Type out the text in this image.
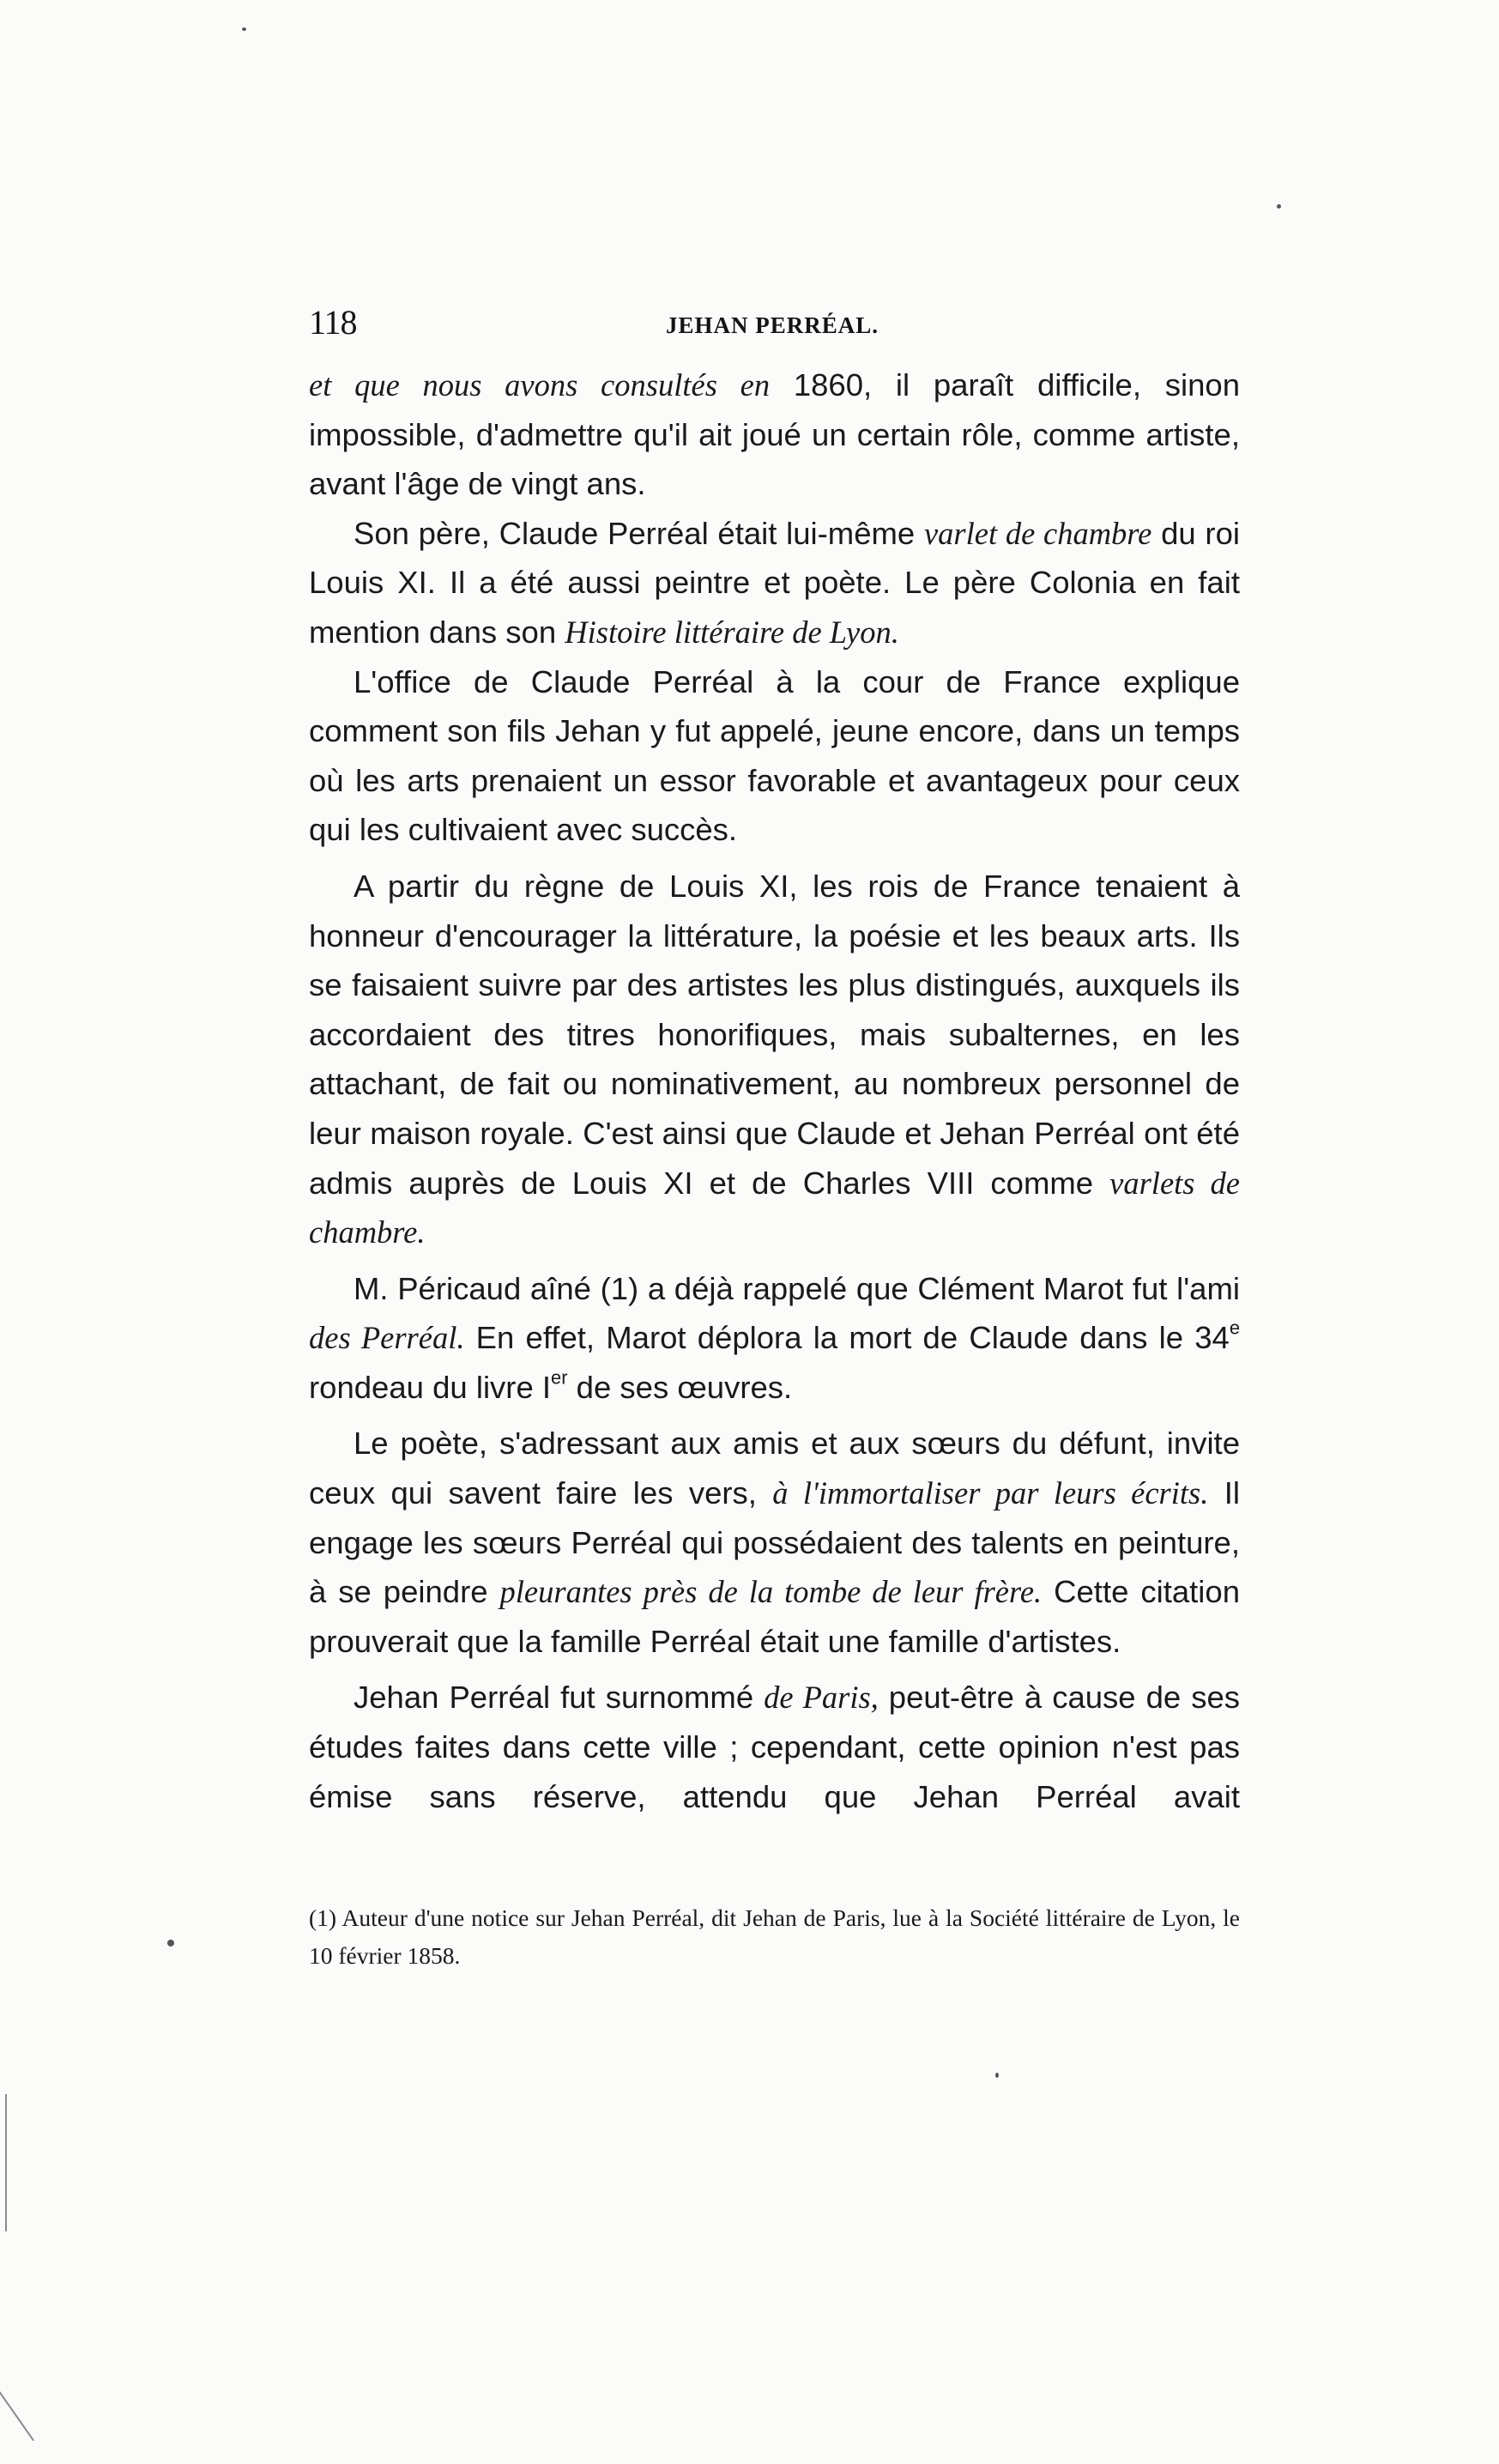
118	JEHAN PERRÉAL.

et que nous avons consultés en 1860, il paraît difficile, sinon impossible, d'admettre qu'il ait joué un certain rôle, comme artiste, avant l'âge de vingt ans.

Son père, Claude Perréal était lui-même varlet de chambre du roi Louis XI. Il a été aussi peintre et poète. Le père Colonia en fait mention dans son Histoire littéraire de Lyon.

L'office de Claude Perréal à la cour de France explique comment son fils Jehan y fut appelé, jeune encore, dans un temps où les arts prenaient un essor favorable et avantageux pour ceux qui les cultivaient avec succès.

A partir du règne de Louis XI, les rois de France tenaient à honneur d'encourager la littérature, la poésie et les beaux arts. Ils se faisaient suivre par des artistes les plus distingués, auxquels ils accordaient des titres honorifiques, mais subalternes, en les attachant, de fait ou nominativement, au nombreux personnel de leur maison royale. C'est ainsi que Claude et Jehan Perréal ont été admis auprès de Louis XI et de Charles VIII comme varlets de chambre.

M. Péricaud aîné (1) a déjà rappelé que Clément Marot fut l'ami des Perréal. En effet, Marot déplora la mort de Claude dans le 34e rondeau du livre Ier de ses œuvres.

Le poète, s'adressant aux amis et aux sœurs du défunt, invite ceux qui savent faire les vers, à l'immortaliser par leurs écrits. Il engage les sœurs Perréal qui possédaient des talents en peinture, à se peindre pleurantes près de la tombe de leur frère. Cette citation prouverait que la famille Perréal était une famille d'artistes.

Jehan Perréal fut surnommé de Paris, peut-être à cause de ses études faites dans cette ville ; cependant, cette opinion n'est pas émise sans réserve, attendu que Jehan Perréal avait

(1) Auteur d'une notice sur Jehan Perréal, dit Jehan de Paris, lue à la Société littéraire de Lyon, le 10 février 1858.
